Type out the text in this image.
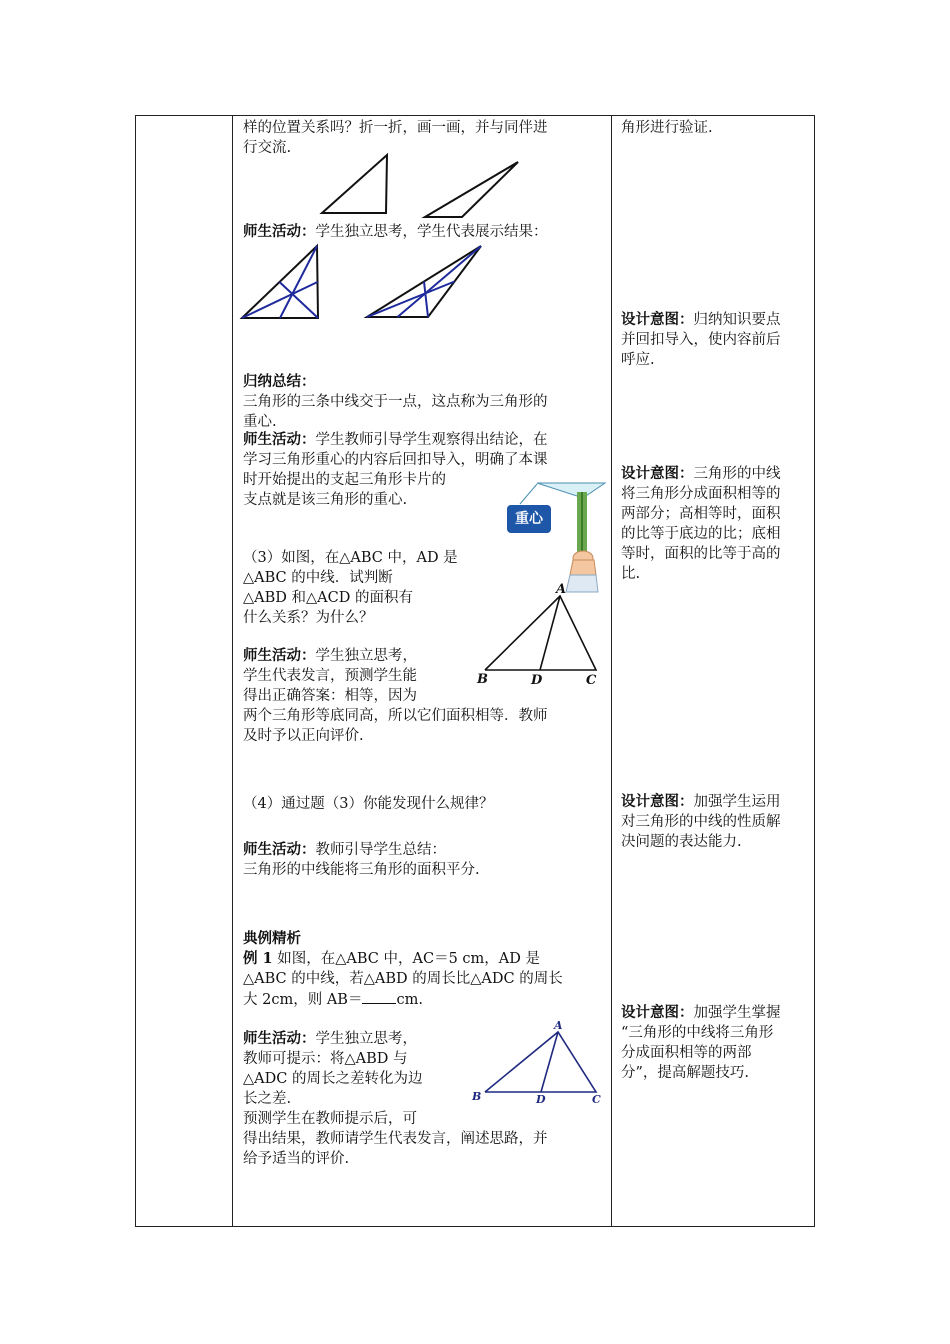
样的位置关系吗？折一折，画一画，并与同伴进
行交流.
师生活动：学生独立思考，学生代表展示结果：
归纳总结：
三角形的三条中线交于一点，这点称为三角形的
重心.
师生活动：学生教师引导学生观察得出结论，在
学习三角形重心的内容后回扣导入，明确了本课
时开始提出的支起三角形卡片的
支点就是该三角形的重心.
重心
（3）如图，在△ABC 中，AD 是
△ABC 的中线．试判断
△ABD 和△ACD 的面积有
什么关系？为什么？
A
B	D	C
师生活动：学生独立思考，
学生代表发言，预测学生能
得出正确答案：相等，因为
两个三角形等底同高，所以它们面积相等．教师
及时予以正向评价.
（4）通过题（3）你能发现什么规律？
师生活动：教师引导学生总结：
三角形的中线能将三角形的面积平分.
典例精析
例 1 如图，在△ABC 中，AC＝5 cm，AD 是
△ABC 的中线，若△ABD 的周长比△ADC 的周长
大 2cm，则 AB＝ cm.
A
B	D	C
师生活动：学生独立思考，
教师可提示：将△ABD 与
△ADC 的周长之差转化为边
长之差.
预测学生在教师提示后，可
得出结果，教师请学生代表发言，阐述思路，并
给予适当的评价.
角形进行验证.
设计意图：归纳知识要点
并回扣导入，使内容前后
呼应.
设计意图：三角形的中线
将三角形分成面积相等的
两部分；高相等时，面积
的比等于底边的比；底相
等时，面积的比等于高的
比.
设计意图：加强学生运用
对三角形的中线的性质解
决问题的表达能力.
设计意图：加强学生掌握
“三角形的中线将三角形
分成面积相等的两部
分”，提高解题技巧.
